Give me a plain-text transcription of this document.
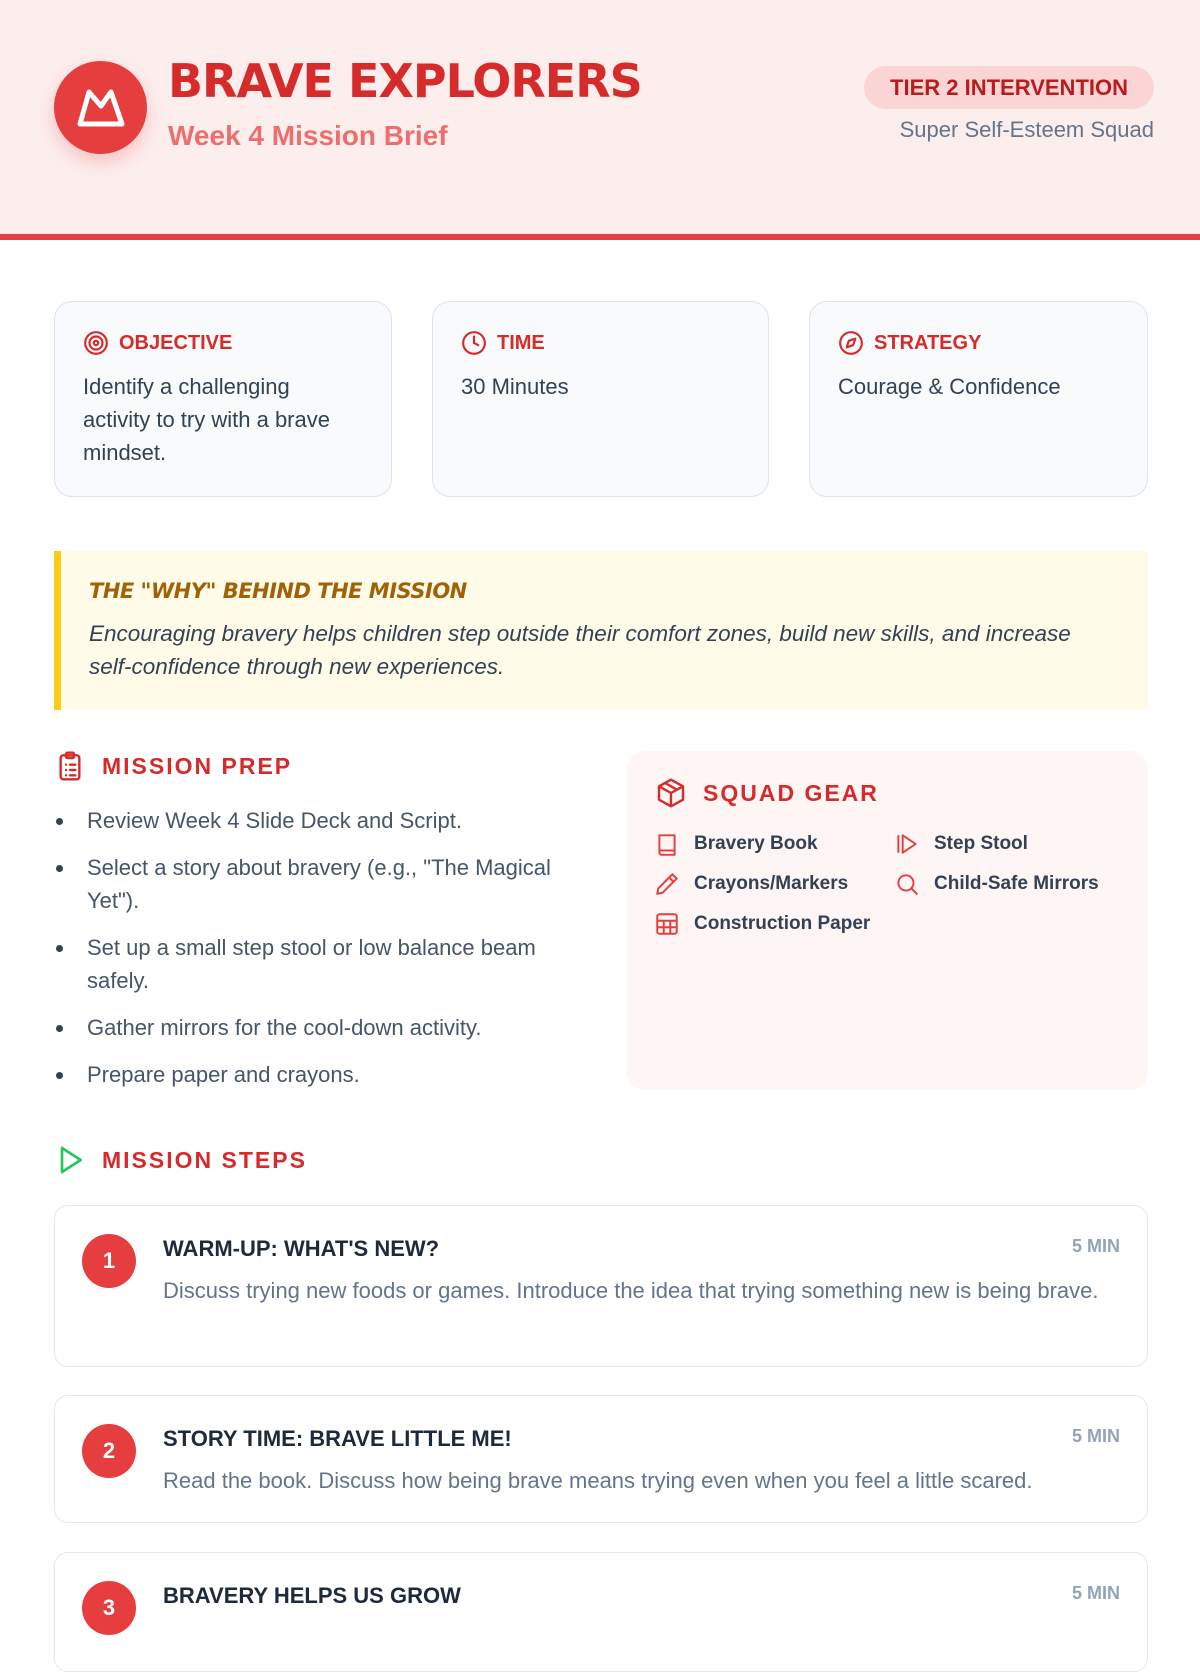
BRAVE EXPLORERS
Week 4 Mission Brief
TIER 2 INTERVENTION
Super Self-Esteem Squad
OBJECTIVE
Identify a challenging activity to try with a brave mindset.
TIME
30 Minutes
STRATEGY
Courage & Confidence
THE "WHY" BEHIND THE MISSION
Encouraging bravery helps children step outside their comfort zones, build new skills, and increase self-confidence through new experiences.
MISSION PREP
Review Week 4 Slide Deck and Script.
Select a story about bravery (e.g., "The Magical Yet").
Set up a small step stool or low balance beam safely.
Gather mirrors for the cool-down activity.
Prepare paper and crayons.
SQUAD GEAR
Bravery Book	Step Stool
Crayons/Markers	Child-Safe Mirrors
Construction Paper
MISSION STEPS
1	WARM-UP: WHAT'S NEW?	5 MIN
Discuss trying new foods or games. Introduce the idea that trying something new is being brave.
2	STORY TIME: BRAVE LITTLE ME!	5 MIN
Read the book. Discuss how being brave means trying even when you feel a little scared.
3	BRAVERY HELPS US GROW	5 MIN
